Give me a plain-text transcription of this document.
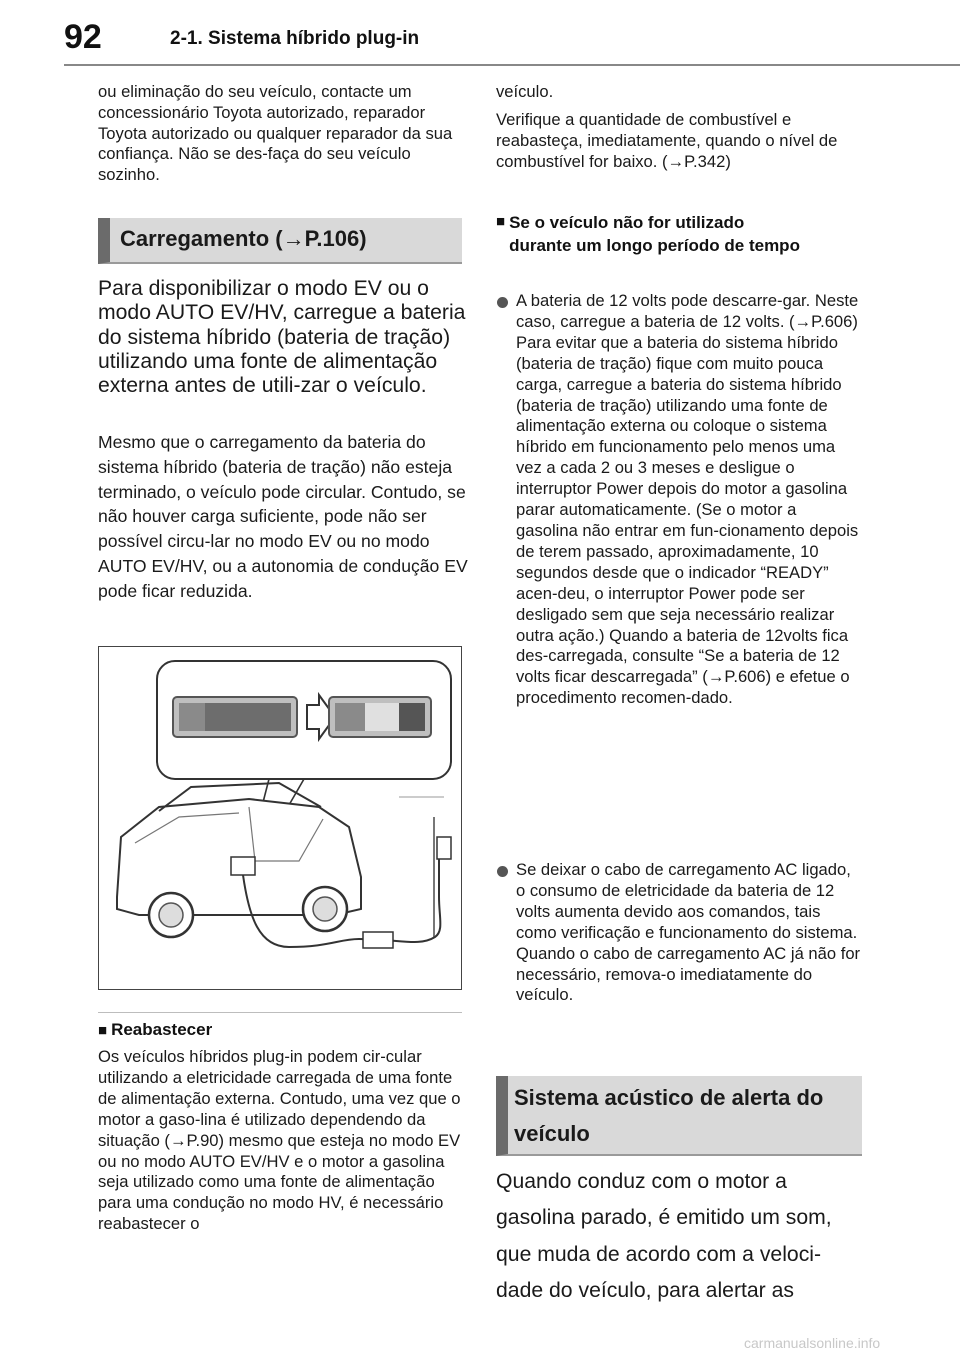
92	2-1. Sistema híbrido plug-in

ou eliminação do seu veículo, contacte um concessionário Toyota autorizado, reparador Toyota autorizado ou qualquer reparador da sua confiança. Não se des-faça do seu veículo sozinho.

Carregamento (→P.106)

Para disponibilizar o modo EV ou o modo AUTO EV/HV, carregue a bateria do sistema híbrido (bateria de tração) utilizando uma fonte de alimentação externa antes de utili-zar o veículo.

Mesmo que o carregamento da bateria do sistema híbrido (bateria de tração) não esteja terminado, o veículo pode circular. Contudo, se não houver carga suficiente, pode não ser possível circu-lar no modo EV ou no modo AUTO EV/HV, ou a autonomia de condução EV pode ficar reduzida.

■ Reabastecer

Os veículos híbridos plug-in podem cir-cular utilizando a eletricidade carregada de uma fonte de alimentação externa. Contudo, uma vez que o motor a gaso-lina é utilizado dependendo da situação (→P.90) mesmo que esteja no modo EV ou no modo AUTO EV/HV e o motor a gasolina seja utilizado como uma fonte de alimentação para uma condução no modo HV, é necessário reabastecer o

veículo.

Verifique a quantidade de combustível e reabasteça, imediatamente, quando o nível de combustível for baixo. (→P.342)

■ Se o veículo não for utilizado durante um longo período de tempo

A bateria de 12 volts pode descarre-gar. Neste caso, carregue a bateria de 12 volts. (→P.606) Para evitar que a bateria do sistema híbrido (bateria de tração) fique com muito pouca carga, carregue a bateria do sistema híbrido (bateria de tração) utilizando uma fonte de alimentação externa ou coloque o sistema híbrido em funcionamento pelo menos uma vez a cada 2 ou 3 meses e desligue o interruptor Power depois do motor a gasolina parar automaticamente. (Se o motor a gasolina não entrar em fun-cionamento depois de terem passado, aproximadamente, 10 segundos desde que o indicador “READY” acen-deu, o interruptor Power pode ser desligado sem que seja necessário realizar outra ação.) Quando a bateria de 12volts fica des-carregada, consulte “Se a bateria de 12 volts ficar descarregada” (→P.606) e efetue o procedimento recomen-dado.

Se deixar o cabo de carregamento AC ligado, o consumo de eletricidade da bateria de 12 volts aumenta devido aos comandos, tais como verificação e funcionamento do sistema. Quando o cabo de carregamento AC já não for necessário, remova-o imediatamente do veículo.

Sistema acústico de alerta do veículo

Quando conduz com o motor a gasolina parado, é emitido um som, que muda de acordo com a veloci-dade do veículo, para alertar as

carmanualsonline.info
